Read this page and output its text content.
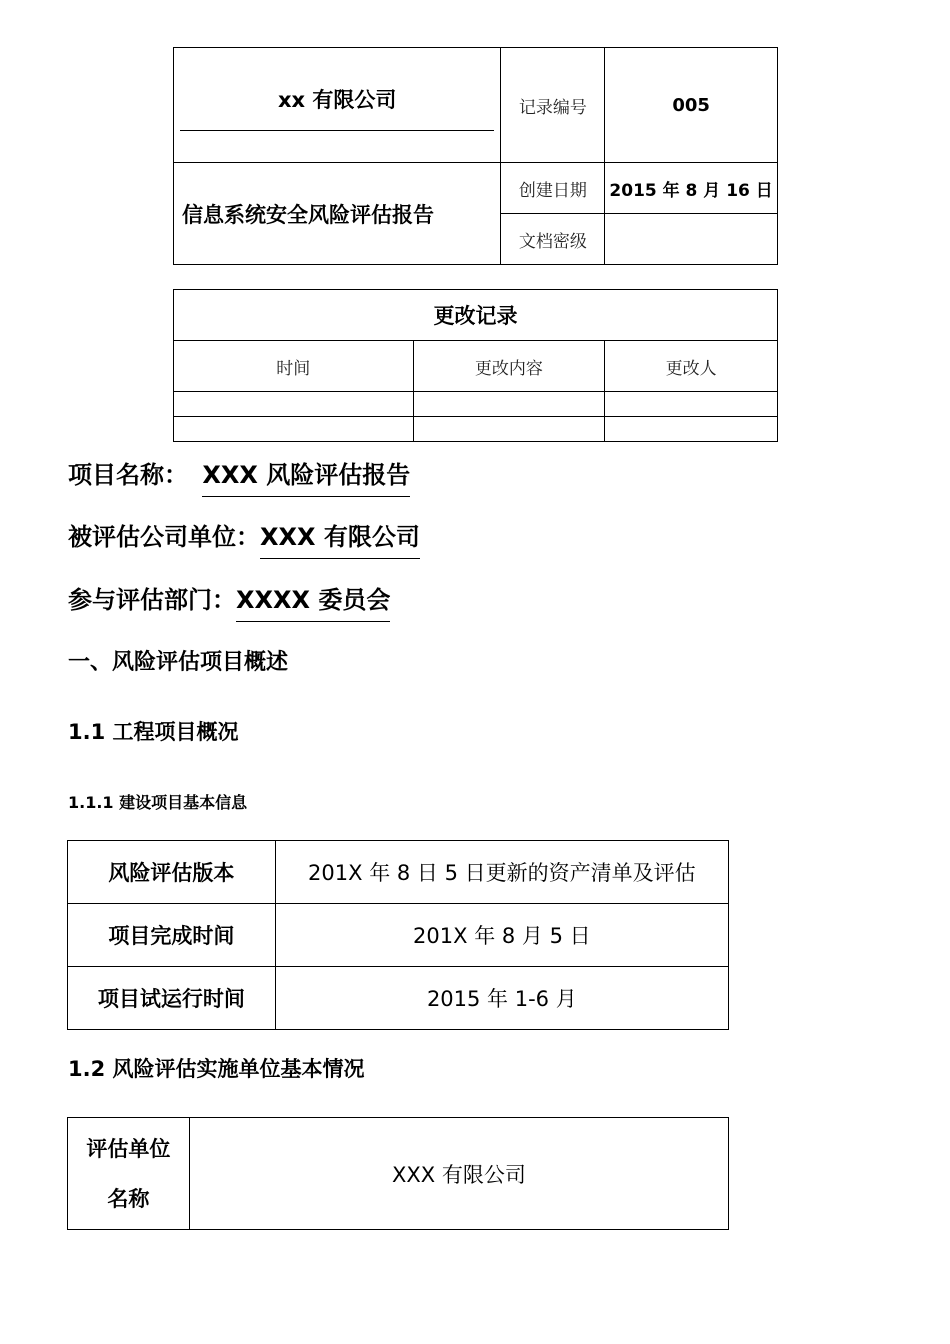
xx 有限公司	记录编号	005
信息系统安全风险评估报告	创建日期	2015 年 8 月 16 日
	文档密级	
更改记录		
时间	更改内容	更改人

项目名称： XXX 风险评估报告
被评估公司单位：XXX 有限公司
参与评估部门：XXXX 委员会
一、风险评估项目概述
1.1 工程项目概况
1.1.1 建设项目基本信息
风险评估版本	201X 年 8 日 5 日更新的资产清单及评估
项目完成时间	201X 年 8 月 5 日
项目试运行时间	2015 年 1-6 月
1.2 风险评估实施单位基本情况
评估单位
名称
	XXX 有限公司
